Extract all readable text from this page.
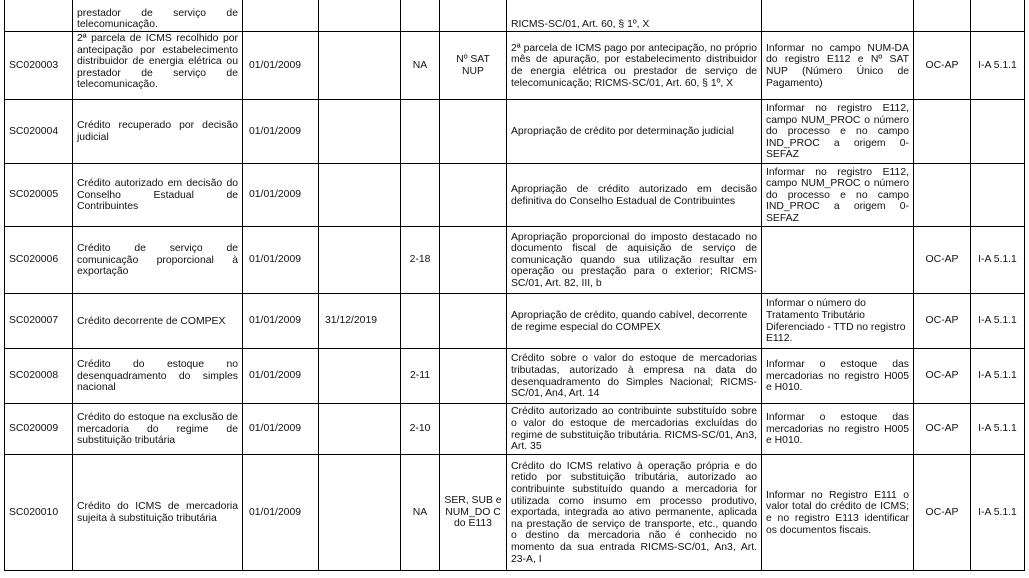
	prestador de serviço de telecomunicação.					RICMS-SC/01, Art. 60, § 1º, X			
SC020003	2ª parcela de ICMS recolhido por antecipação por estabelecimento distribuidor de energia elétrica ou prestador de serviço de telecomunicação.	01/01/2009		NA	Nº SAT NUP	2ª parcela de ICMS pago por antecipação, no próprio mês de apuração, por estabelecimento distribuidor de energia elétrica ou prestador de serviço de telecomunicação; RICMS-SC/01, Art. 60, § 1º, X	Informar no campo NUM-DA do registro E112 e Nº SAT NUP (Número Único de Pagamento)	OC-AP	I-A 5.1.1
SC020004	Crédito recuperado por decisão judicial	01/01/2009				Apropriação de crédito por determinação judicial	Informar no registro E112, campo NUM_PROC o número do processo e no campo IND_PROC a origem 0- SEFAZ		
SC020005	Crédito autorizado em decisão do Conselho Estadual de Contribuintes	01/01/2009				Apropriação de crédito autorizado em decisão definitiva do Conselho Estadual de Contribuintes	Informar no registro E112, campo NUM_PROC o número do processo e no campo IND_PROC a origem 0- SEFAZ		
SC020006	Crédito de serviço de comunicação proporcional à exportação	01/01/2009		2-18		Apropriação proporcional do imposto destacado no documento fiscal de aquisição de serviço de comunicação quando sua utilização resultar em operação ou prestação para o exterior; RICMS-SC/01, Art. 82, III, b		OC-AP	I-A 5.1.1
SC020007	Crédito decorrente de COMPEX	01/01/2009	31/12/2019			Apropriação de crédito, quando cabível, decorrente de regime especial do COMPEX	Informar o número do Tratamento Tributário Diferenciado - TTD no registro E112.	OC-AP	I-A 5.1.1
SC020008	Crédito do estoque no desenquadramento do simples nacional	01/01/2009		2-11		Crédito sobre o valor do estoque de mercadorias tributadas, autorizado à empresa na data do desenquadramento do Simples Nacional; RICMS-SC/01, An4, Art. 14	Informar o estoque das mercadorias no registro H005 e H010.	OC-AP	I-A 5.1.1
SC020009	Crédito do estoque na exclusão de mercadoria do regime de substituição tributária	01/01/2009		2-10		Crédito autorizado ao contribuinte substituído sobre o valor do estoque de mercadorias excluídas do regime de substituição tributária. RICMS-SC/01, An3, Art. 35	Informar o estoque das mercadorias no registro H005 e H010.	OC-AP	I-A 5.1.1
SC020010	Crédito do ICMS de mercadoria sujeita à substituição tributária	01/01/2009		NA	SER, SUB e NUM_DO C do E113	Crédito do ICMS relativo à operação própria e do retido por substituição tributária, autorizado ao contribuinte substituído quando a mercadoria for utilizada como insumo em processo produtivo, exportada, integrada ao ativo permanente, aplicada na prestação de serviço de transporte, etc., quando o destino da mercadoria não é conhecido no momento da sua entrada RICMS-SC/01, An3, Art. 23-A, I	Informar no Registro E111 o valor total do crédito de ICMS; e no registro E113 identificar os documentos fiscais.	OC-AP	I-A 5.1.1
